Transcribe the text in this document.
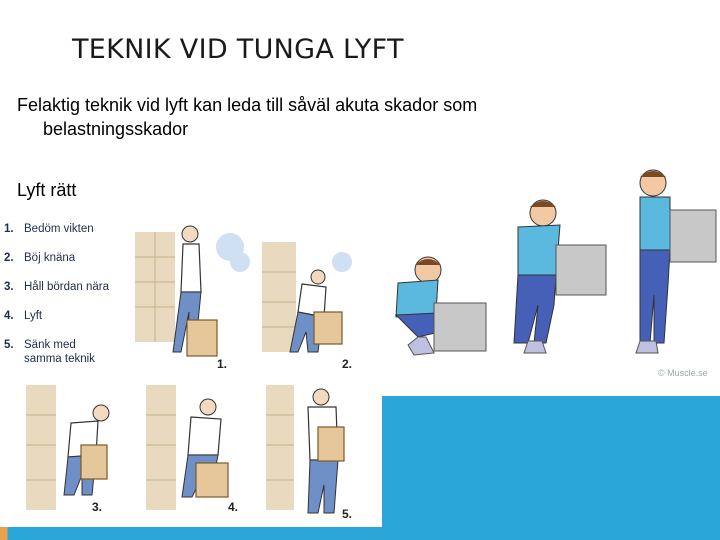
TEKNIK VID TUNGA LYFT
Felaktig teknik vid lyft kan leda till såväl akuta skador som
belastningsskador
Lyft rätt
1. Bedöm vikten
2. Böj knäna
3. Håll bördan nära
4. Lyft
5. Sänk med
samma teknik	1.	2.
3.	4.	5.
© Muscle.se
